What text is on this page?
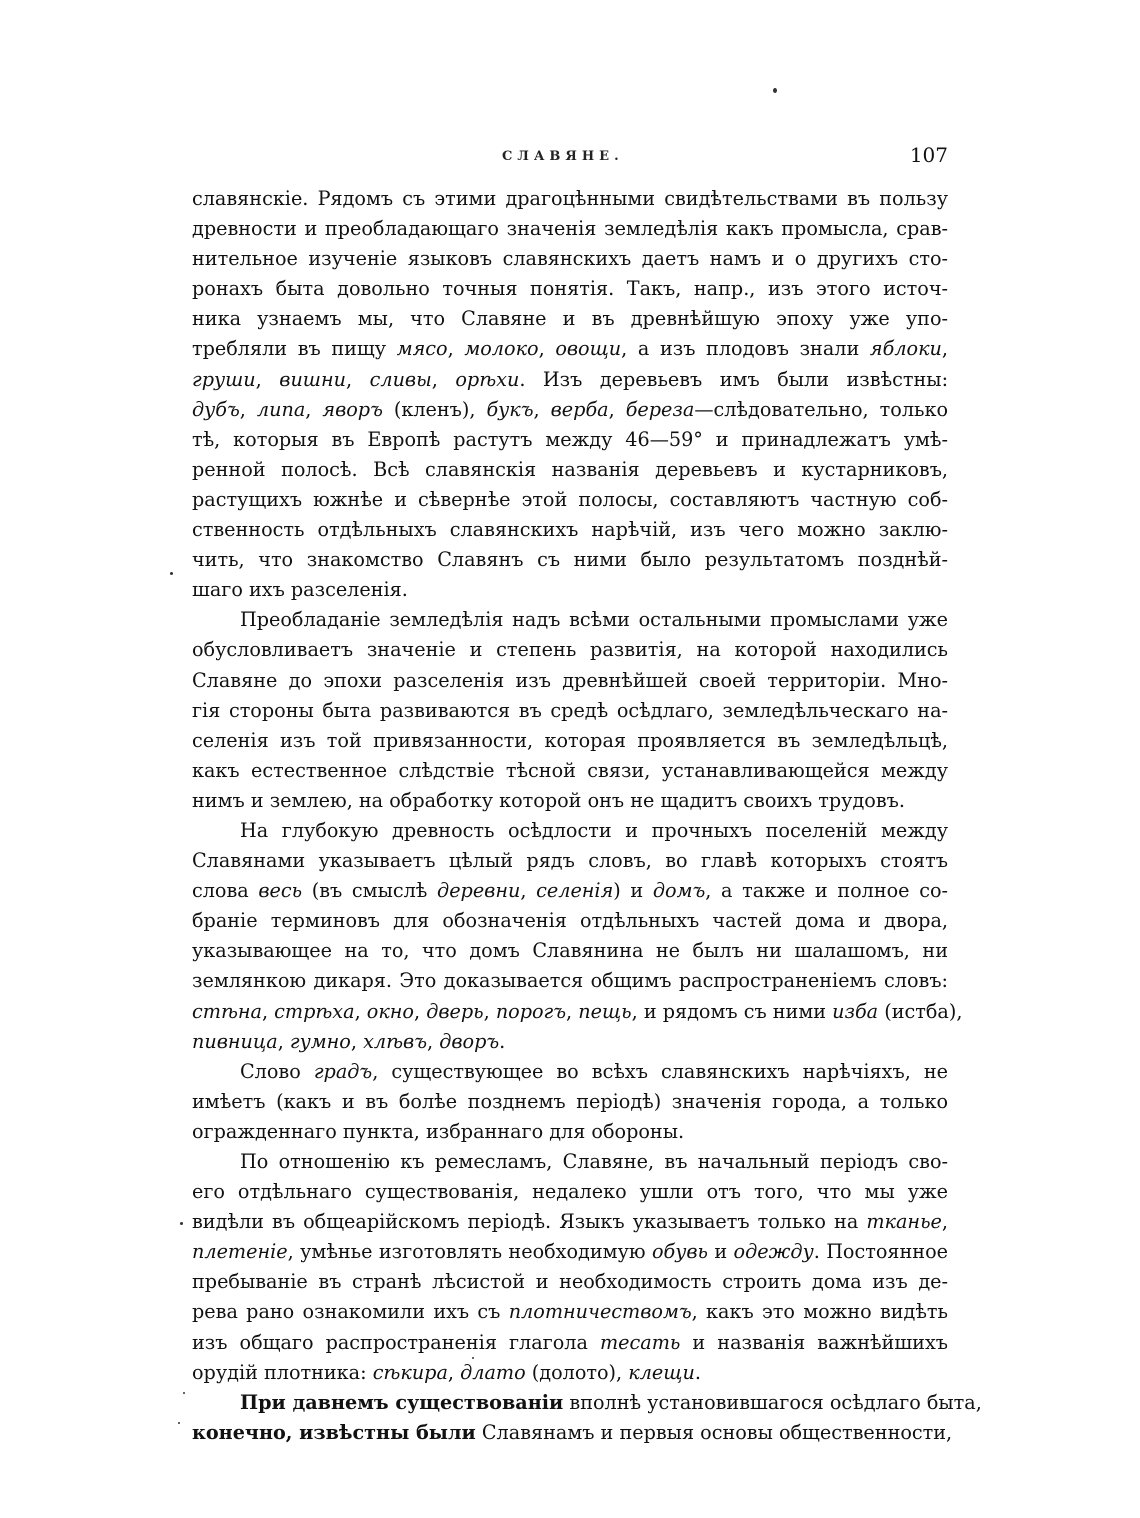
СЛАВЯНЕ.	107
славянскiе. Рядомъ съ этими драгоцѣнными свидѣтельствами въ пользу
древности и преобладающаго значенiя земледѣлiя какъ промысла, срав-
нительное изученiе языковъ славянскихъ даетъ намъ и о другихъ сто-
ронахъ быта довольно точныя понятiя. Такъ, напр., изъ этого источ-
ника узнаемъ мы, что Славяне и въ древнѣйшую эпоху уже упо-
требляли въ пищу мясо, молоко, овощи, а изъ плодовъ знали яблоки,
груши, вишни, сливы, орѣхи. Изъ деревьевъ имъ были извѣстны:
дубъ, липа, яворъ (кленъ), букъ, верба, береза—слѣдовательно, только
тѣ, которыя въ Европѣ растутъ между 46—59° и принадлежатъ умѣ-
ренной полосѣ. Всѣ славянскiя названiя деревьевъ и кустарниковъ,
растущихъ южнѣе и сѣвернѣе этой полосы, составляютъ частную соб-
ственность отдѣльныхъ славянскихъ нарѣчiй, изъ чего можно заклю-
чить, что знакомство Славянъ съ ними было результатомъ позднѣй-
шаго ихъ разселенiя.
Преобладанiе земледѣлiя надъ всѣми остальными промыслами уже
обусловливаетъ значенiе и степень развитiя, на которой находились
Славяне до эпохи разселенiя изъ древнѣйшей своей территорiи. Мно-
гiя стороны быта развиваются въ средѣ осѣдлаго, земледѣльческаго на-
селенiя изъ той привязанности, которая проявляется въ земледѣльцѣ,
какъ естественное слѣдствiе тѣсной связи, устанавливающейся между
нимъ и землею, на обработку которой онъ не щадитъ своихъ трудовъ.
На глубокую древность осѣдлости и прочныхъ поселенiй между
Славянами указываетъ цѣлый рядъ словъ, во главѣ которыхъ стоятъ
слова весь (въ смыслѣ деревни, селенiя) и домъ, а также и полное со-
бранiе терминовъ для обозначенiя отдѣльныхъ частей дома и двора,
указывающее на то, что домъ Славянина не былъ ни шалашомъ, ни
землянкою дикаря. Это доказывается общимъ распространенiемъ словъ:
стѣна, стрѣха, окно, дверь, порогъ, пещь, и рядомъ съ ними изба (истба),
пивница, гумно, хлѣвъ, дворъ.
Слово градъ, существующее во всѣхъ славянскихъ нарѣчiяхъ, не
имѣетъ (какъ и въ болѣе позднемъ перiодѣ) значенiя города, а только
огражденнаго пункта, избраннаго для обороны.
По отношенiю къ ремесламъ, Славяне, въ начальный перiодъ сво-
его отдѣльнаго существованiя, недалеко ушли отъ того, что мы уже
видѣли въ общеарiйскомъ перiодѣ. Языкъ указываетъ только на тканье,
плетенiе, умѣнье изготовлять необходимую обувь и одежду. Постоянное
пребыванiе въ странѣ лѣсистой и необходимость строить дома изъ де-
рева рано ознакомили ихъ съ плотничествомъ, какъ это можно видѣть
изъ общаго распространенiя глагола тесать и названiя важнѣйшихъ
орудiй плотника: сѣкира, длато (долото), клещи.
При давнемъ существованiи вполнѣ установившагося осѣдлаго быта,
конечно, извѣстны были Славянамъ и первыя основы общественности,
